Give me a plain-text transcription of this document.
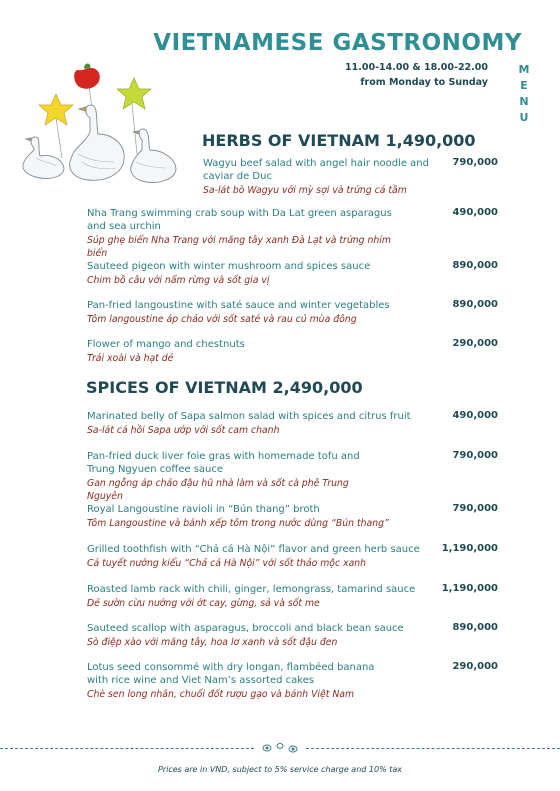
VIETNAMESE GASTRONOMY
11.00-14.00 & 18.00-22.00
from Monday to Sunday
M
E
N
U
HERBS OF VIETNAM 1,490,000
Wagyu beef salad with angel hair noodle and caviar de Duc
Sa-lát bò Wagyu với mỳ sợi và trứng cá tầm
790,000
Nha Trang swimming crab soup with Da Lat green asparagus and sea urchin
Súp ghẹ biển Nha Trang với măng tây xanh Đà Lạt và trứng nhím biển
490,000
Sauteed pigeon with winter mushroom and spices sauce
Chim bồ câu với nấm rừng và sốt gia vị
890,000
Pan-fried langoustine with saté sauce and winter vegetables
Tôm langoustine áp chảo với sốt saté và rau củ mùa đông
890,000
Flower of mango and chestnuts
Trái xoài và hạt dẻ
290,000
SPICES OF VIETNAM 2,490,000
Marinated belly of Sapa salmon salad with spices and citrus fruit
Sa-lát cá hồi Sapa ướp với sốt cam chanh
490,000
Pan-fried duck liver foie gras with homemade tofu and Trung Ngyuen coffee sauce
Gan ngỗng áp chảo đậu hũ nhà làm và sốt cà phê Trung Nguyên
790,000
Royal Langoustine ravioli in “Bún thang” broth
Tôm Langoustine và bánh xếp tôm trong nước dùng “Bún thang”
790,000
Grilled toothfish with “Chả cá Hà Nội” flavor and green herb sauce
Cá tuyết nướng kiểu “Chả cá Hà Nội” với sốt thảo mộc xanh
1,190,000
Roasted lamb rack with chili, ginger, lemongrass, tamarind sauce
Dẻ sườn cừu nướng với ớt cay, gừng, sả và sốt me
1,190,000
Sauteed scallop with asparagus, broccoli and black bean sauce
Sò điệp xào với măng tây, hoa lơ xanh và sốt đậu đen
890,000
Lotus seed consommé with dry longan, flambéed banana with rice wine and Viet Nam’s assorted cakes
Chè sen long nhãn, chuối đốt rượu gạo và bánh Việt Nam
290,000
Prices are in VND, subject to 5% service charge and 10% tax
